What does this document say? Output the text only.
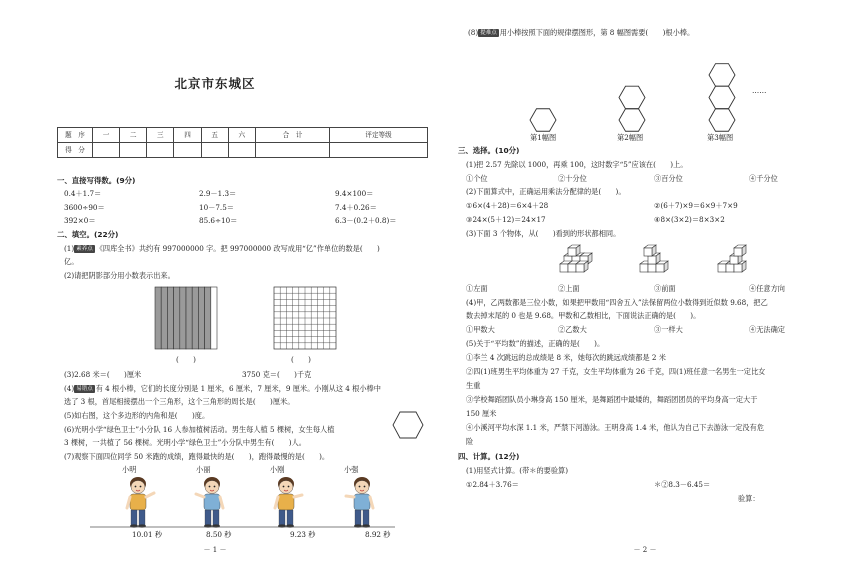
北京市东城区
题　序	一	二	三	四	五	六	合　计	评定等级
得　分								
一、直接写得数。(9分)
0.4＋1.7＝	2.9－1.3＝	9.4×100＝
3600÷90＝	10－7.5＝	7.4＋0.26＝
392×0＝	85.6÷10＝	6.3－(0.2＋0.8)＝
二、填空。(22分)
(1) 素养点 《四库全书》共约有 997000000 字。把 997000000 改写成用“亿”作单位的数是(　　)
亿。
(2)请把阴影部分用小数表示出来。
(　　)	(　　)
(3)2.68 米＝(　　)厘米	3750 克＝(　　)千克
(4) 易错点 有 4 根小棒，它们的长度分别是 1 厘米，6 厘米，7 厘米，9 厘米。小刚从这 4 根小棒中
选了 3 根，首尾相接摆出一个三角形，这个三角形的周长是(　　)厘米。
(5)如右图，这个多边形的内角和是(　　)度。
(6)光明小学“绿色卫士”小分队 16 人参加植树活动。男生每人植 5 棵树，女生每人植
3 棵树，一共植了 56 棵树。光明小学“绿色卫士”小分队中男生有(　　)人。
(7)观察下面四位同学 50 米跑的成绩，跑得最快的是(　　)，跑得最慢的是(　　)。
小明	小丽	小刚	小强
10.01 秒	8.50 秒	9.23 秒	8.92 秒
－ 1 －
(8) 提难点 用小棒按照下面的规律摆图形，第 8 幅图需要(　　)根小棒。
……
第1幅图	第2幅图	第3幅图
三、选择。(10分)
(1)把 2.57 先除以 1000，再乘 100，这时数字“5”应该在(　　)上。
①个位	②十分位	③百分位	④千分位
(2)下面算式中，正确运用乘法分配律的是(　　)。
①6×(4＋28)＝6×4＋28	②(6＋7)×9＝6×9＋7×9
③24×(5＋12)＝24×17	④8×(3×2)＝8×3×2
(3)下面 3 个物体，从(　　)看到的形状都相同。
①左面	②上面	③前面	④任意方向
(4)甲，乙两数都是三位小数，如果把甲数用“四舍五入”法保留两位小数得到近似数 9.68，把乙
数去掉末尾的 0 也是 9.68。甲数和乙数相比，下面说法正确的是(　　)。
①甲数大	②乙数大	③一样大	④无法确定
(5)关于“平均数”的描述，正确的是(　　)。
①李兰 4 次跳远的总成绩是 8 米，她每次的跳远成绩都是 2 米
②四(1)班男生平均体重为 27 千克，女生平均体重为 26 千克，四(1)班任意一名男生一定比女
生重
③学校舞蹈团队员小琳身高 150 厘米，是舞蹈团中最矮的，舞蹈团团员的平均身高一定大于
150 厘米
④小溪河平均水深 1.1 米，严禁下河游泳。王明身高 1.4 米，他认为自己下去游泳一定没有危
险
四、计算。(12分)
(1)用竖式计算。(带＊的要验算)
①2.84＋3.76＝	＊②8.3－6.45＝
验算：
－ 2 －
